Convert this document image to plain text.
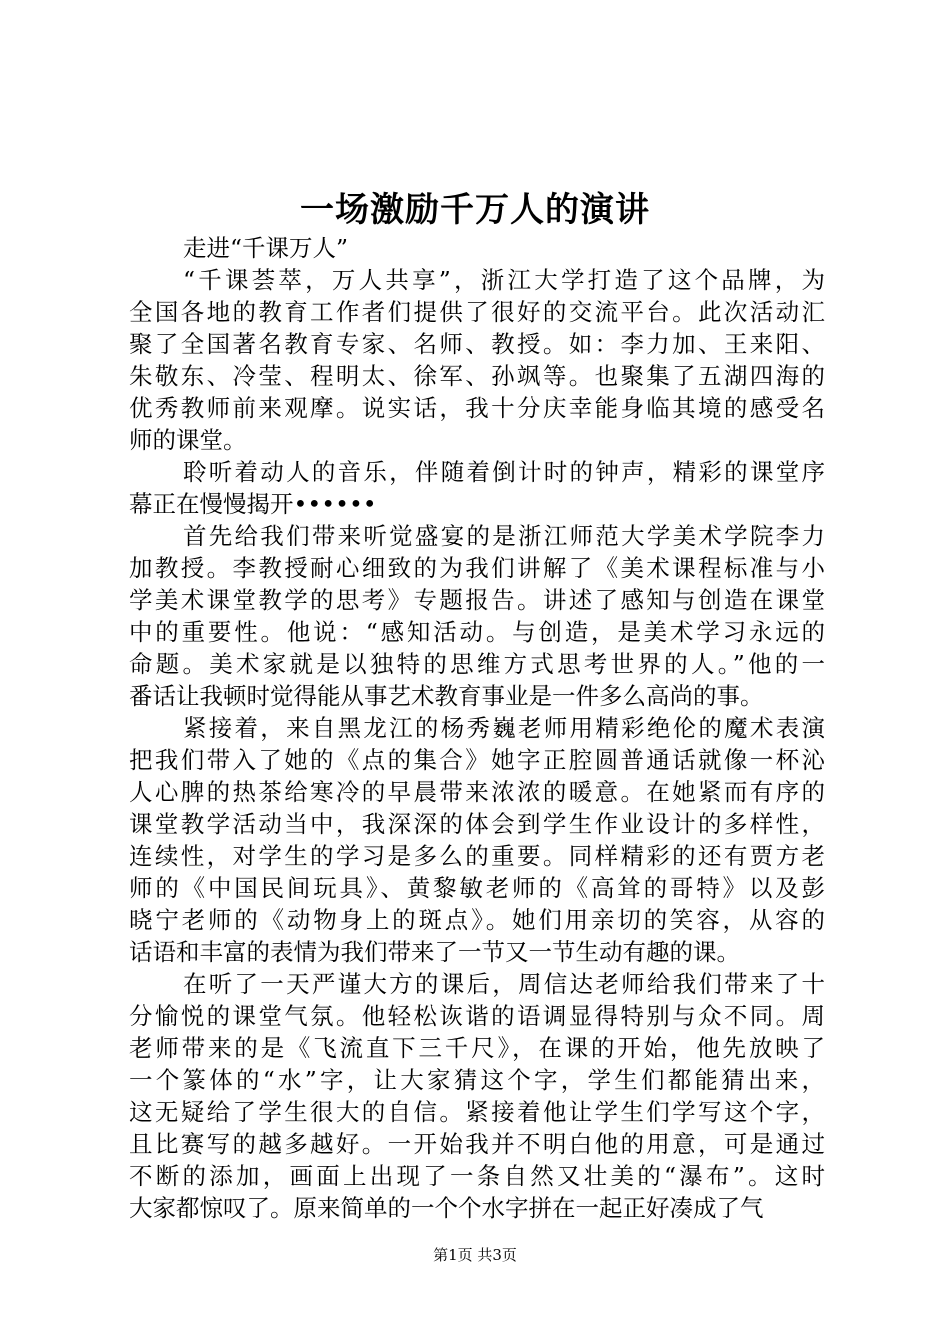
一场激励千万人的演讲
走进“千课万人”
“千课荟萃，万人共享”，浙江大学打造了这个品牌，为
全国各地的教育工作者们提供了很好的交流平台。此次活动汇
聚了全国著名教育专家、名师、教授。如：李力加、王来阳、
朱敬东、冷莹、程明太、徐军、孙飒等。也聚集了五湖四海的
优秀教师前来观摩。说实话，我十分庆幸能身临其境的感受名
师的课堂。
聆听着动人的音乐，伴随着倒计时的钟声，精彩的课堂序
幕正在慢慢揭开••••••
首先给我们带来听觉盛宴的是浙江师范大学美术学院李力
加教授。李教授耐心细致的为我们讲解了《美术课程标准与小
学美术课堂教学的思考》专题报告。讲述了感知与创造在课堂
中的重要性。他说：“感知活动。与创造，是美术学习永远的
命题。美术家就是以独特的思维方式思考世界的人。”他的一
番话让我顿时觉得能从事艺术教育事业是一件多么高尚的事。
紧接着，来自黑龙江的杨秀巍老师用精彩绝伦的魔术表演
把我们带入了她的《点的集合》她字正腔圆普通话就像一杯沁
人心脾的热茶给寒冷的早晨带来浓浓的暖意。在她紧而有序的
课堂教学活动当中，我深深的体会到学生作业设计的多样性，
连续性，对学生的学习是多么的重要。同样精彩的还有贾方老
师的《中国民间玩具》、黄黎敏老师的《高耸的哥特》以及彭
晓宁老师的《动物身上的斑点》。她们用亲切的笑容，从容的
话语和丰富的表情为我们带来了一节又一节生动有趣的课。
在听了一天严谨大方的课后，周信达老师给我们带来了十
分愉悦的课堂气氛。他轻松诙谐的语调显得特别与众不同。周
老师带来的是《飞流直下三千尺》，在课的开始，他先放映了
一个篆体的“水”字，让大家猜这个字，学生们都能猜出来，
这无疑给了学生很大的自信。紧接着他让学生们学写这个字，
且比赛写的越多越好。一开始我并不明白他的用意，可是通过
不断的添加，画面上出现了一条自然又壮美的“瀑布”。这时
大家都惊叹了。原来简单的一个个水字拼在一起正好凑成了气
第1页 共3页
